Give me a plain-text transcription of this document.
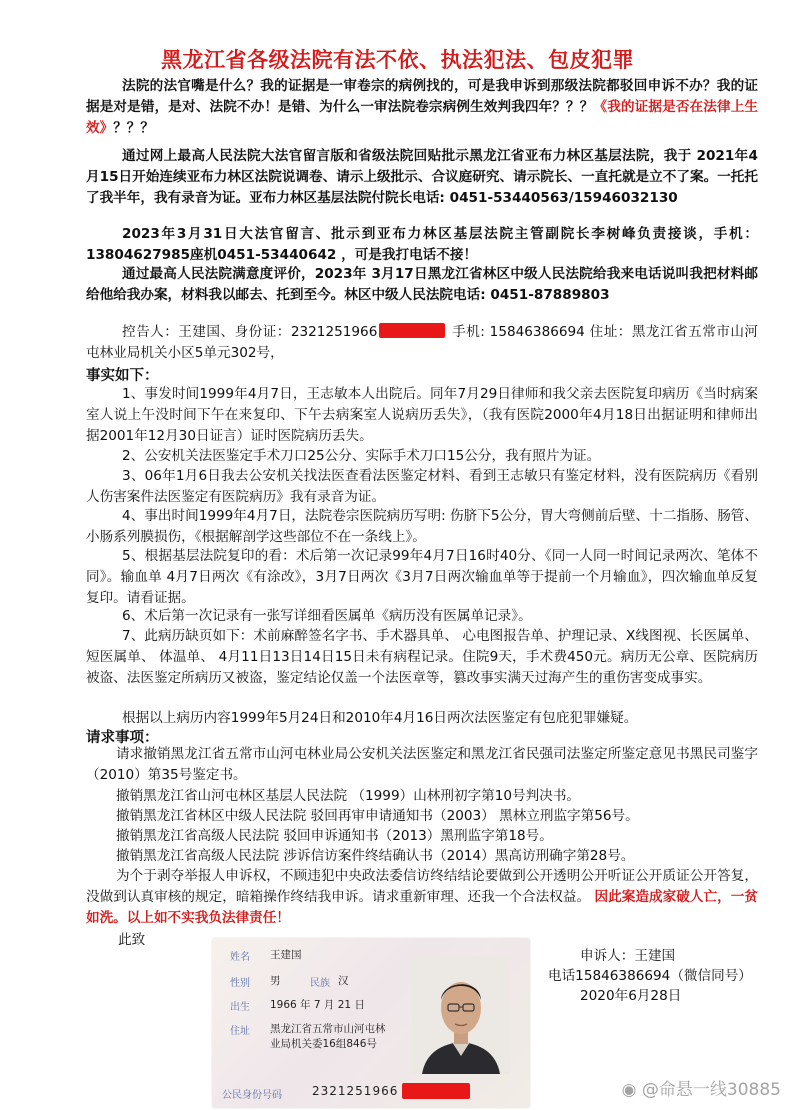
黑龙江省各级法院有法不依、执法犯法、包皮犯罪
法院的法官嘴是什么？我的证据是一审卷宗的病例找的，可是我申诉到那级法院都驳回申诉不办？我的证据是对是错，是对、法院不办！是错、为什么一审法院卷宗病例生效判我四年？？？《我的证据是否在法律上生效》？？？
通过网上最高人民法院大法官留言版和省级法院回贴批示黑龙江省亚布力林区基层法院，我于 2021年4月15日开始连续亚布力林区法院说调卷、请示上级批示、合议庭研究、请示院长、一直托就是立不了案。一托托了我半年，我有录音为证。亚布力林区基层法院付院长电话: 0451-53440563/15946032130
2023年3月31日大法官留言、批示到亚布力林区基层法院主管副院长李树峰负责接谈，手机：13804627985座机0451-53440642 ，可是我打电话不接！
通过最高人民法院满意度评价，2023年 3月17日黑龙江省林区中级人民法院给我来电话说叫我把材料邮给他给我办案，材料我以邮去、托到至今。林区中级人民法院电话: 0451-87889803
控告人：王建国、身份证：2321251966	手机: 15846386694 住址：黑龙江省五常市山河屯林业局机关小区5单元302号，
事实如下：
1、事发时间1999年4月7日，王志敏本人出院后。同年7月29日律师和我父亲去医院复印病历《当时病案室人说上午没时间下午在来复印、下午去病案室人说病历丢失》，（我有医院2000年4月18日出据证明和律师出据2001年12月30日证言）证时医院病历丢失。
2、公安机关法医鉴定手术刀口25公分、实际手术刀口15公分，我有照片为证。
3、06年1月6日我去公安机关找法医查看法医鉴定材料、看到王志敏只有鉴定材料，没有医院病历《看别人伤害案件法医鉴定有医院病历》我有录音为证。
4、事出时间1999年4月7日，法院卷宗医院病历写明: 伤脐下5公分，胃大弯侧前后壁、十二指肠、肠管、小肠系列膜损伤，《根据解剖学这些部位不在一条线上》。
5、根据基层法院复印的看：术后第一次记录99年4月7日16时40分、《同一人同一时间记录两次、笔体不同》。输血单 4月7日两次《有涂改》，3月7日两次《3月7日两次输血单等于提前一个月输血》，四次输血单反复复印。请看证据。
6、术后第一次记录有一张写详细看医属单《病历没有医属单记录》。
7、此病历缺页如下：术前麻醉签名字书、手术器具单、 心电图报告单、护理记录、X线图视、长医属单、 短医属单、 体温单、 4月11日13日14日15日未有病程记录。住院9天，手术费450元。病历无公章、医院病历被盗、法医鉴定所病历又被盗，鉴定结论仅盖一个法医章等，篡改事实满天过海产生的重伤害变成事实。
根据以上病历内容1999年5月24日和2010年4月16日两次法医鉴定有包庇犯罪嫌疑。
请求事项：
请求撤销黑龙江省五常市山河屯林业局公安机关法医鉴定和黑龙江省民强司法鉴定所鉴定意见书黑民司鉴字（2010）第35号鉴定书。
撤销黑龙江省山河屯林区基层人民法院 （1999）山林刑初字第10号判决书。
撤销黑龙江省林区中级人民法院 驳回再审申请通知书（2003） 黑林立刑监字第56号。
撤销黑龙江省高级人民法院 驳回申诉通知书（2013）黑刑监字第18号。
撤销黑龙江省高级人民法院 涉诉信访案件终结确认书（2014）黑高访刑确字第28号。
为个于剥夺举报人申诉权，不顾违犯中央政法委信访终结结论要做到公开透明公开听证公开质证公开答复，没做到认真审核的规定，暗箱操作终结我申诉。请求重新审理、还我一个合法权益。 因此案造成家破人亡，一贫如洗。以上如不实我负法律责任！
此致
姓名 王建国
性别 男	民族 汉
出生 1966 年 7 月 21 日
住址 黑龙江省五常市山河屯林
业局机关委16组846号
公民身份号码	2321251966
申诉人：王建国
电话15846386694（微信同号）
2020年6月28日
◉ @命悬一线30885
